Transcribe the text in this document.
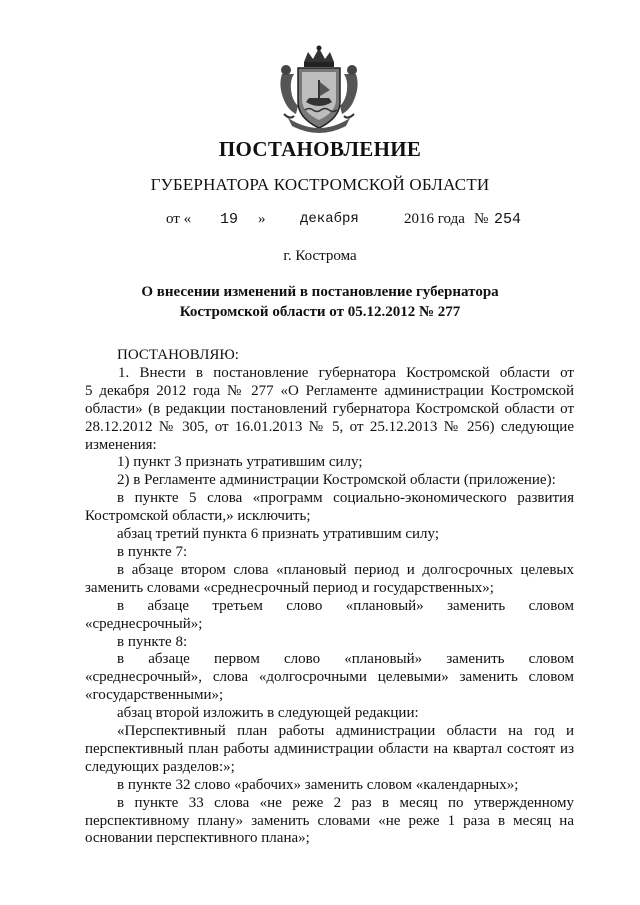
ПОСТАНОВЛЕНИЕ
ГУБЕРНАТОРА КОСТРОМСКОЙ ОБЛАСТИ
от « 19 » декабря	2016 года № 254
г. Кострома
О внесении изменений в постановление губернатора
Костромской области от 05.12.2012 № 277

ПОСТАНОВЛЯЮ:

1. Внести в постановление губернатора Костромской области от

5 декабря 2012 года № 277 «О Регламенте администрации Костромской

области» (в редакции постановлений губернатора Костромской области от

28.12.2012 № 305, от 16.01.2013 № 5, от 25.12.2013 № 256) следующие

изменения:

1) пункт 3 признать утратившим силу;

2) в Регламенте администрации Костромской области (приложение):

в пункте 5 слова «программ социально-экономического развития

Костромской области,» исключить;

абзац третий пункта 6 признать утратившим силу;

в пункте 7:

в абзаце втором слова «плановый период и долгосрочных целевых

заменить словами «среднесрочный период и государственных»;

в абзаце третьем слово «плановый» заменить словом

«среднесрочный»;

в пункте 8:

в абзаце первом слово «плановый» заменить словом

«среднесрочный», слова «долгосрочными целевыми» заменить словом

«государственными»;

абзац второй изложить в следующей редакции:

«Перспективный план работы администрации области на год и

перспективный план работы администрации области на квартал состоят из

следующих разделов:»;

в пункте 32 слово «рабочих» заменить словом «календарных»;

в пункте 33 слова «не реже 2 раз в месяц по утвержденному

перспективному плану» заменить словами «не реже 1 раза в месяц на

основании перспективного плана»;
